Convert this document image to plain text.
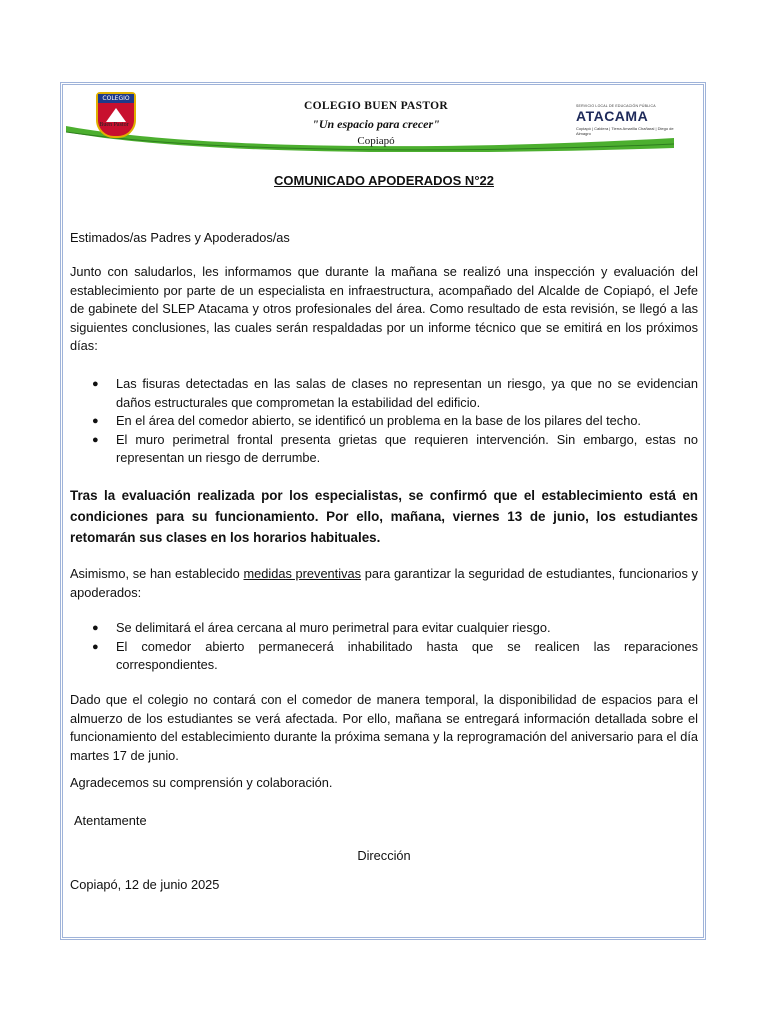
COLEGIO
Buen Pastor
COLEGIO BUEN PASTOR
"Un espacio para crecer"
Copiapó
SERVICIO LOCAL DE EDUCACIÓN PÚBLICA
ATACAMA
Copiapó | Caldera | Tierra Amarilla Chañaral | Diego de Almagro
COMUNICADO APODERADOS N°22
Estimados/as Padres y Apoderados/as
Junto con saludarlos, les informamos que durante la mañana se realizó una inspección y evaluación del establecimiento por parte de un especialista en infraestructura, acompañado del Alcalde de Copiapó, el Jefe de gabinete del SLEP Atacama y otros profesionales del área. Como resultado de esta revisión, se llegó a las siguientes conclusiones, las cuales serán respaldadas por un informe técnico que se emitirá en los próximos días:
● Las fisuras detectadas en las salas de clases no representan un riesgo, ya que no se evidencian daños estructurales que comprometan la estabilidad del edificio.
● En el área del comedor abierto, se identificó un problema en la base de los pilares del techo.
● El muro perimetral frontal presenta grietas que requieren intervención. Sin embargo, estas no representan un riesgo de derrumbe.
Tras la evaluación realizada por los especialistas, se confirmó que el establecimiento está en condiciones para su funcionamiento. Por ello, mañana, viernes 13 de junio, los estudiantes retomarán sus clases en los horarios habituales.
Asimismo, se han establecido medidas preventivas para garantizar la seguridad de estudiantes, funcionarios y apoderados:
● Se delimitará el área cercana al muro perimetral para evitar cualquier riesgo.
● El comedor abierto permanecerá inhabilitado hasta que se realicen las reparaciones correspondientes.
Dado que el colegio no contará con el comedor de manera temporal, la disponibilidad de espacios para el almuerzo de los estudiantes se verá afectada. Por ello, mañana se entregará información detallada sobre el funcionamiento del establecimiento durante la próxima semana y la reprogramación del aniversario para el día martes 17 de junio.
Agradecemos su comprensión y colaboración.
Atentamente
Dirección
Copiapó, 12 de junio 2025
